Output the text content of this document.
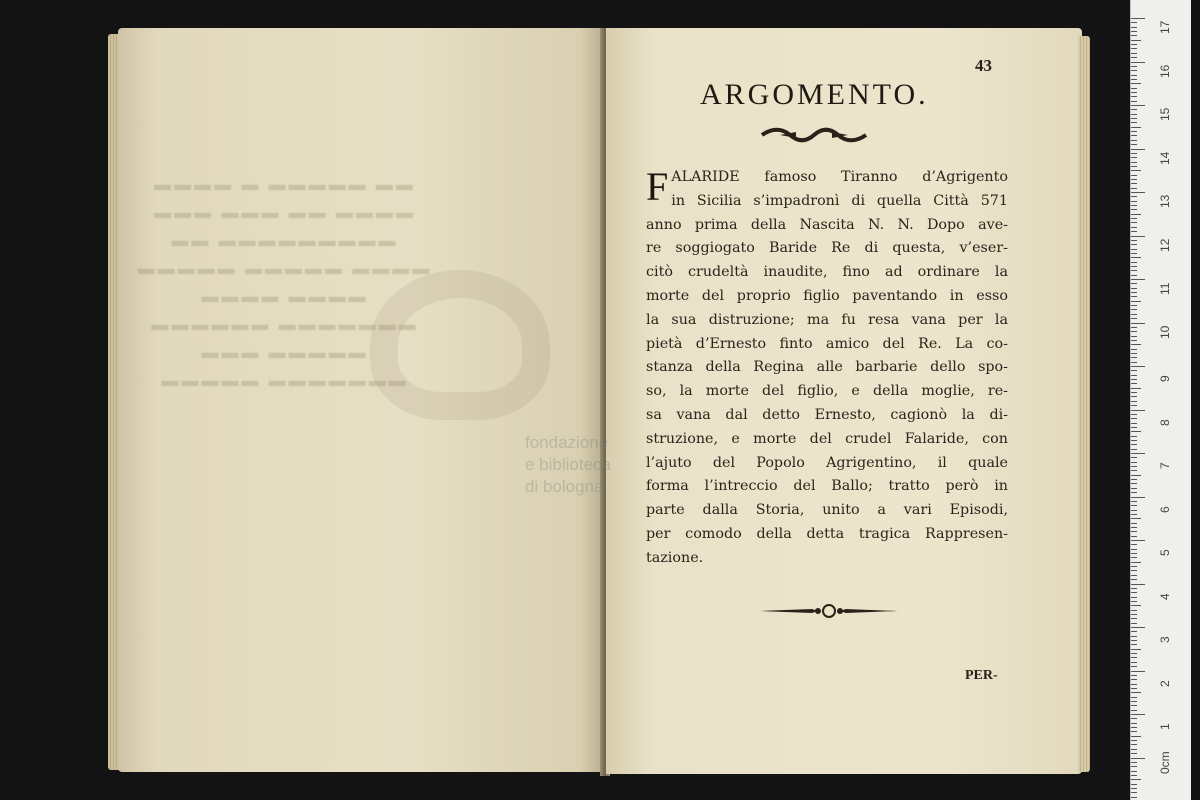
▬▬▬▬ ▬ ▬▬▬▬▬ ▬▬
▬▬▬ ▬▬▬ ▬▬ ▬▬▬▬
▬▬ ▬▬▬▬▬▬▬▬▬
▬▬▬▬▬ ▬▬▬▬▬ ▬▬▬▬
▬▬▬▬ ▬▬▬▬
▬▬▬▬▬▬ ▬▬▬▬▬▬▬
▬▬▬ ▬▬▬▬▬
▬▬▬▬▬ ▬▬▬▬▬▬▬
fondazione
e biblioteca
di bologna
43
ARGOMENTO.
F ALARIDE famoso Tiranno d’Agrigento
in Sicilia s’impadronì di quella Città 571
anno prima della Nascita N. N. Dopo ave-
re soggiogato Baride Re di questa, v’eser-
citò crudeltà inaudite, fino ad ordinare la
morte del proprio figlio paventando in esso
la sua distruzione; ma fu resa vana per la
pietà d’Ernesto finto amico del Re. La co-
stanza della Regina alle barbarie dello spo-
so, la morte del figlio, e della moglie, re-
sa vana dal detto Ernesto, cagionò la di-
struzione, e morte del crudel Falaride, con
l’ajuto del Popolo Agrigentino, il quale
forma l’intreccio del Ballo; tratto però in
parte dalla Storia, unito a vari Episodi,
per comodo della detta tragica Rappresen-
tazione.
PER-
17
16
15
14
13
12
11
10
9
8
7
6
5
4
3
2
1
0cm
